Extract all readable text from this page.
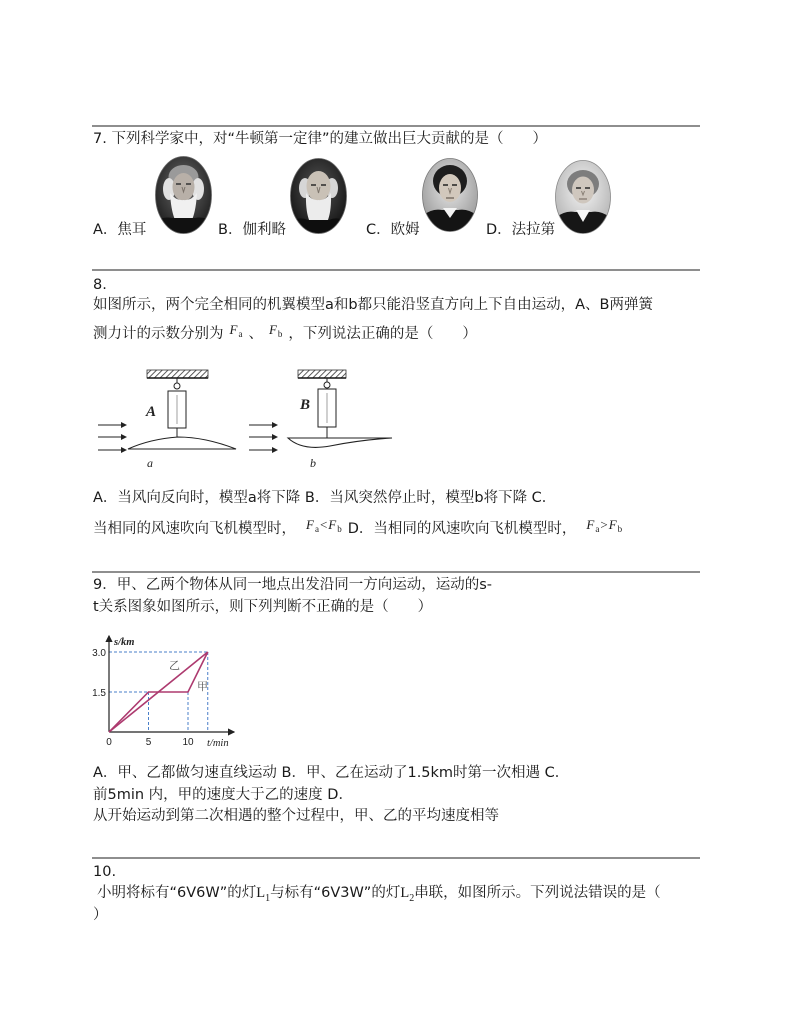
7. 下列科学家中，对“牛顿第一定律”的建立做出巨大贡献的是（　　）
A．焦耳	B．伽利略	C．欧姆	D．法拉第
8.
如图所示，两个完全相同的机翼模型a和b都只能沿竖直方向上下自由运动，A、B两弹簧
测力计的示数分别为 $F_a$ 、 $F_b$ ，下列说法正确的是（　　）
A
a
B
b
A．当风向反向时，模型a将下降 B．当风突然停止时，模型b将下降 C．
当相同的风速吹向飞机模型时， $F_a<F_b$ D．当相同的风速吹向飞机模型时， $F_a>F_b$
9．甲、乙两个物体从同一地点出发沿同一方向运动，运动的s-
t关系图象如图所示，则下列判断不正确的是（　　）
0	5	10
1.5
3.0
s/km
t/min
甲
乙
A．甲、乙都做匀速直线运动 B．甲、乙在运动了1.5km时第一次相遇 C．
前5min 内，甲的速度大于乙的速度 D．
从开始运动到第二次相遇的整个过程中，甲、乙的平均速度相等
10.
小明将标有“6V6W”的灯$L_1$与标有“6V3W”的灯$L_2$串联，如图所示。下列说法错误的是（
）
